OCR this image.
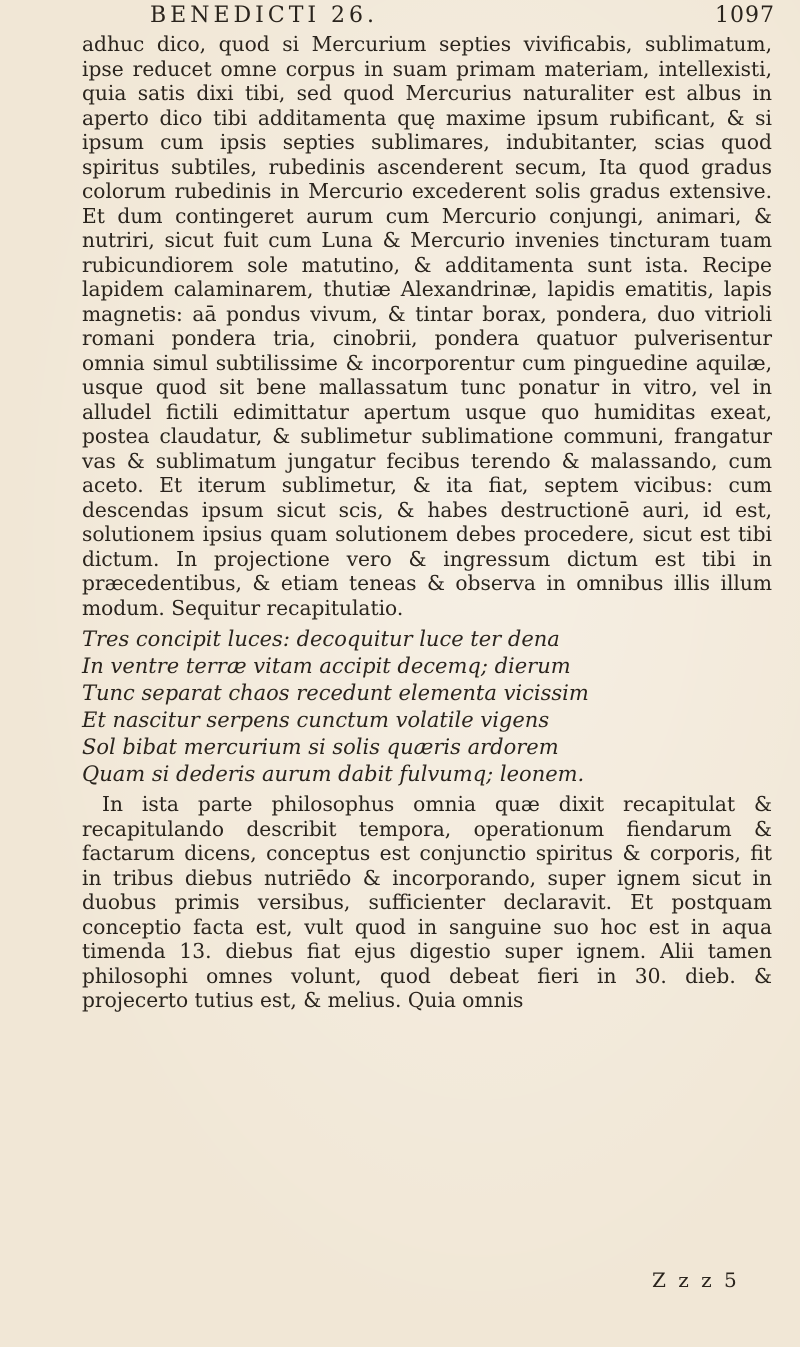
BENEDICTI 26.	1097

adhuc dico, quod si Mercurium septies vivificabis, sublimatum, ipse reducet omne corpus in suam primam materiam, intellexisti, quia satis dixi tibi, sed quod Mercurius naturaliter est albus in aperto dico tibi additamenta quę maxime ipsum rubificant, & si ipsum cum ipsis septies sublimares, indubitanter, scias quod spiritus subtiles, rubedinis ascenderent secum, Ita quod gradus colorum rubedinis in Mercurio excederent solis gradus extensive. Et dum contingeret aurum cum Mercurio conjungi, animari, & nutriri, sicut fuit cum Luna & Mercurio invenies tincturam tuam rubicundiorem sole matutino, & additamenta sunt ista. Recipe lapidem calaminarem, thutiæ Alexandrinæ, lapidis ematitis, lapis magnetis: aā pondus vivum, & tintar borax, pondera, duo vitrioli romani pondera tria, cinobrii, pondera quatuor pulverisentur omnia simul subtilissime & incorporentur cum pinguedine aquilæ, usque quod sit bene mallassatum tunc ponatur in vitro, vel in alludel fictili edimittatur apertum usque quo humiditas exeat, postea claudatur, & sublimetur sublimatione communi, frangatur vas & sublimatum jungatur fecibus terendo & malassando, cum aceto. Et iterum sublimetur, & ita fiat, septem vicibus: cum descendas ipsum sicut scis, & habes destructionē auri, id est, solutionem ipsius quam solutionem debes procedere, sicut est tibi dictum. In projectione vero & ingressum dictum est tibi in præcedentibus, & etiam teneas & observa in omnibus illis illum modum. Sequitur recapitulatio.

Tres concipit luces: decoquitur luce ter dena
In ventre terræ vitam accipit decemq; dierum
Tunc separat chaos recedunt elementa vicissim
Et nascitur serpens cunctum volatile vigens
Sol bibat mercurium si solis quæris ardorem
Quam si dederis aurum dabit fulvumq; leonem.

In ista parte philosophus omnia quæ dixit recapitulat & recapitulando describit tempora, operationum fiendarum & factarum dicens, conceptus est conjunctio spiritus & corporis, fit in tribus diebus nutriēdo & incorporando, super ignem sicut in duobus primis versibus, sufficienter declaravit. Et postquam conceptio facta est, vult quod in sanguine suo hoc est in aqua timenda 13. diebus fiat ejus digestio super ignem. Alii tamen philosophi omnes volunt, quod debeat fieri in 30. dieb. & projecerto tutius est, & melius. Quia omnis

Z z z 5
